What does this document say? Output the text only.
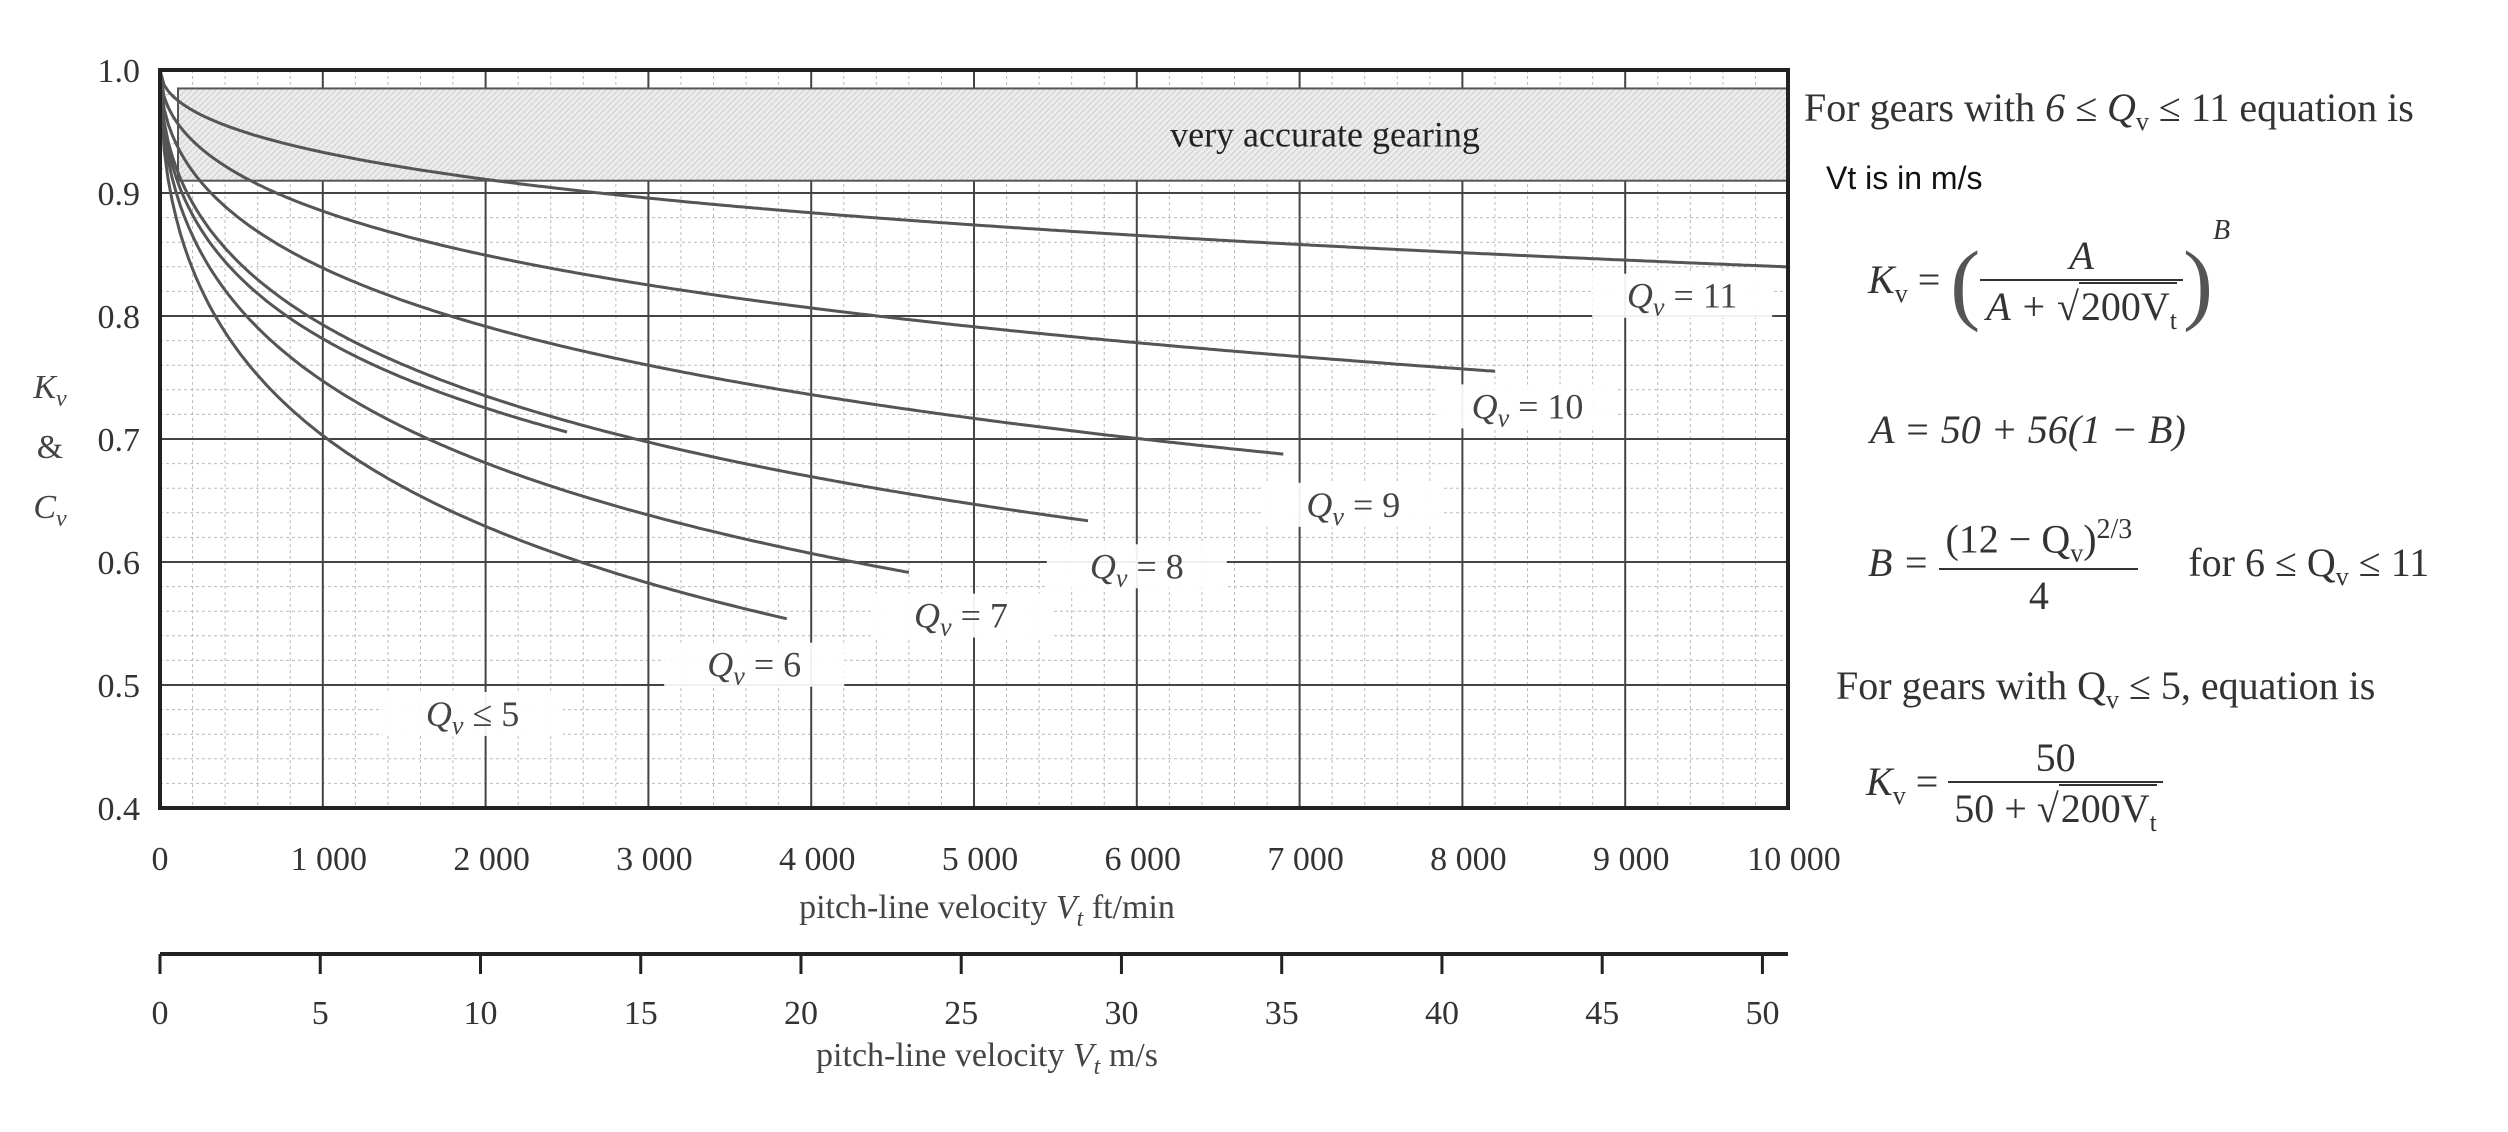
very accurate gearing
$Q_v \le 5$
$Q_v = 6$
$Q_v = 7$
$Q_v = 8$
$Q_v = 9$
$Q_v = 10$
$Q_v = 11$
1.0
0.9
0.8
0.7
0.6
0.5
0.4
0	1 000	2 000	3 000	4 000	5 000	6 000	7 000	8 000	9 000 10 000
0	5	10	15	20	25	30	35	40	45	50
$K_v$
&
$C_v$
pitch-line velocity $V_t$ ft/min
pitch-line velocity $V_t$ m/s
For gears with $6 \le Q_v \le 11$ equation is
Vt is in m/s
$K_v$ = ( $\frac{A}{A + √200V_t} )^B$
A = 50 + 56(1 − B)
$B = \frac{(12 - Q_v)^{2/3}}{4}$ for $6 \le Q_v \le 11$
For gears with $Q_v \le 5$, equation is
$K_v = \frac{50}{50 + √200V_t}$
